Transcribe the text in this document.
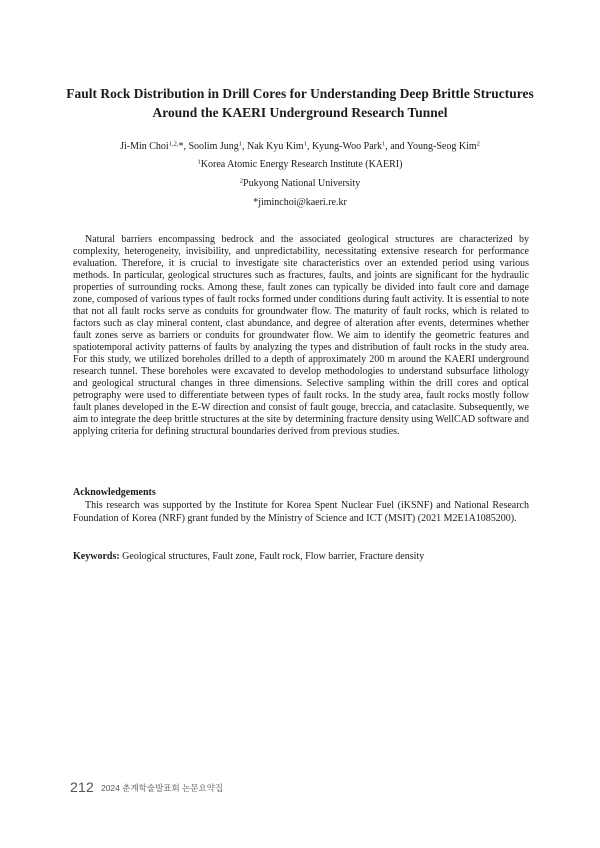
Fault Rock Distribution in Drill Cores for Understanding Deep Brittle Structures
Around the KAERI Underground Research Tunnel
Ji-Min Choi$^{1,2,}$*, Soolim Jung$^1$, Nak Kyu Kim$^1$, Kyung-Woo Park$^1$, and Young-Seog Kim$^2$
$^1$Korea Atomic Energy Research Institute (KAERI)
$^2$Pukyong National University
*jiminchoi@kaeri.re.kr

Natural barriers encompassing bedrock and the associated geological structures are characterized by complexity, heterogeneity, invisibility, and unpredictability, necessitating extensive research for performance evaluation. Therefore, it is crucial to investigate site characteristics over an extended period using various methods. In particular, geological structures such as fractures, faults, and joints are significant for the hydraulic properties of surrounding rocks. Among these, fault zones can typically be divided into fault core and damage zone, composed of various types of fault rocks formed under conditions during fault activity. It is essential to note that not all fault rocks serve as conduits for groundwater flow. The maturity of fault rocks, which is related to factors such as clay mineral content, clast abundance, and degree of alteration after events, determines whether fault zones serve as barriers or conduits for groundwater flow. We aim to identify the geometric features and spatiotemporal activity patterns of faults by analyzing the types and distribution of fault rocks in the study area. For this study, we utilized boreholes drilled to a depth of approximately 200 m around the KAERI underground research tunnel. These boreholes were excavated to develop methodologies to understand subsurface lithology and geological structural changes in three dimensions. Selective sampling within the drill cores and optical petrography were used to differentiate between types of fault rocks. In the study area, fault rocks mostly follow fault planes developed in the E-W direction and consist of fault gouge, breccia, and cataclasite. Subsequently, we aim to integrate the deep brittle structures at the site by determining fracture density using WellCAD software and applying criteria for defining structural boundaries derived from previous studies.

Acknowledgements

This research was supported by the Institute for Korea Spent Nuclear Fuel (iKSNF) and National Research Foundation of Korea (NRF) grant funded by the Ministry of Science and ICT (MSIT) (2021 M2E1A1085200).

Keywords: Geological structures, Fault zone, Fault rock, Flow barrier, Fracture density
212 2024 춘계학술발표회 논문요약집
